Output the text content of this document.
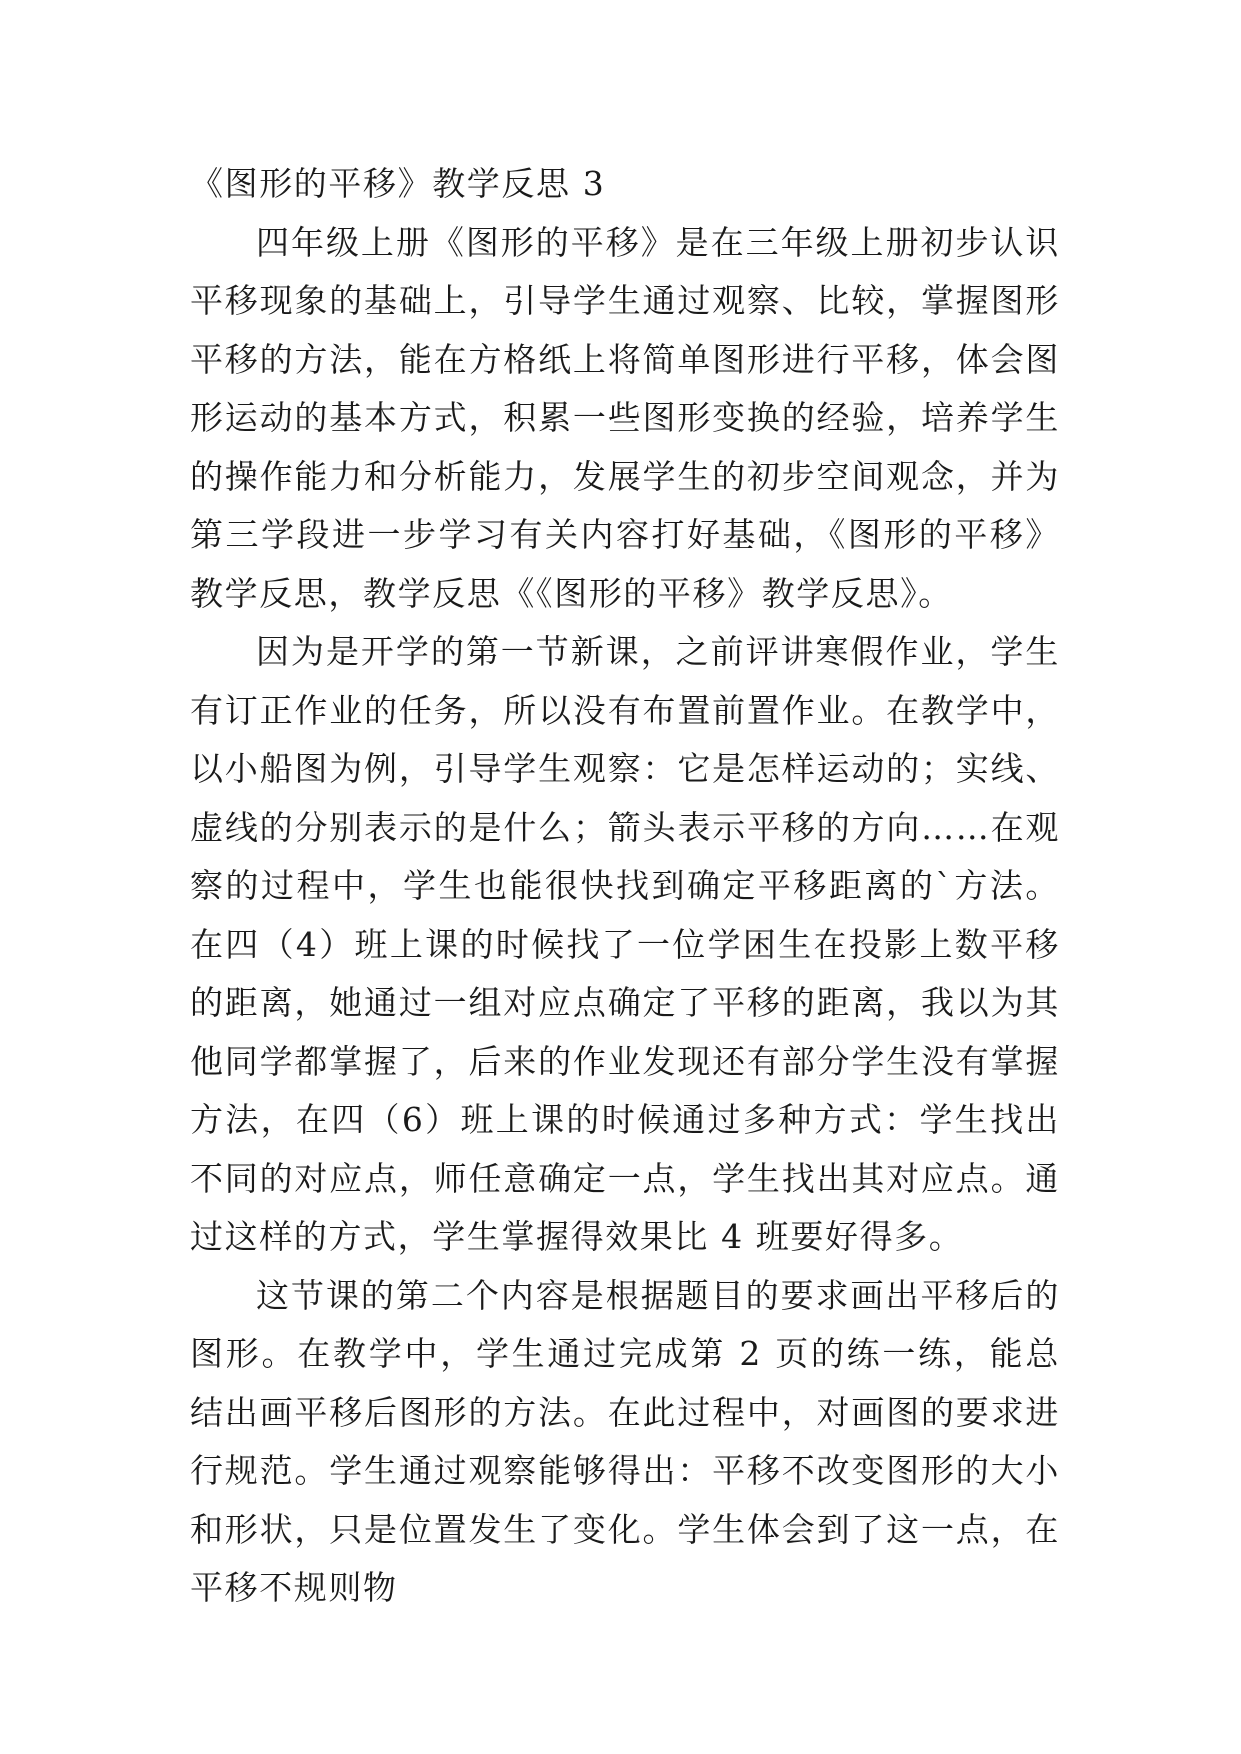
《图形的平移》教学反思 3

四年级上册《图形的平移》是在三年级上册初步认识平移现象的基础上，引导学生通过观察、比较，掌握图形平移的方法，能在方格纸上将简单图形进行平移，体会图形运动的基本方式，积累一些图形变换的经验，培养学生的操作能力和分析能力，发展学生的初步空间观念，并为第三学段进一步学习有关内容打好基础，《图形的平移》教学反思，教学反思《《图形的平移》教学反思》。

因为是开学的第一节新课，之前评讲寒假作业，学生有订正作业的任务，所以没有布置前置作业。在教学中，以小船图为例，引导学生观察：它是怎样运动的；实线、虚线的分别表示的是什么；箭头表示平移的方向……在观察的过程中，学生也能很快找到确定平移距离的`方法。在四（4）班上课的时候找了一位学困生在投影上数平移的距离，她通过一组对应点确定了平移的距离，我以为其他同学都掌握了，后来的作业发现还有部分学生没有掌握方法，在四（6）班上课的时候通过多种方式：学生找出不同的对应点，师任意确定一点，学生找出其对应点。通过这样的方式，学生掌握得效果比 4 班要好得多。

这节课的第二个内容是根据题目的要求画出平移后的图形。在教学中，学生通过完成第 2 页的练一练，能总结出画平移后图形的方法。在此过程中，对画图的要求进行规范。学生通过观察能够得出：平移不改变图形的大小和形状，只是位置发生了变化。学生体会到了这一点，在平移不规则物
